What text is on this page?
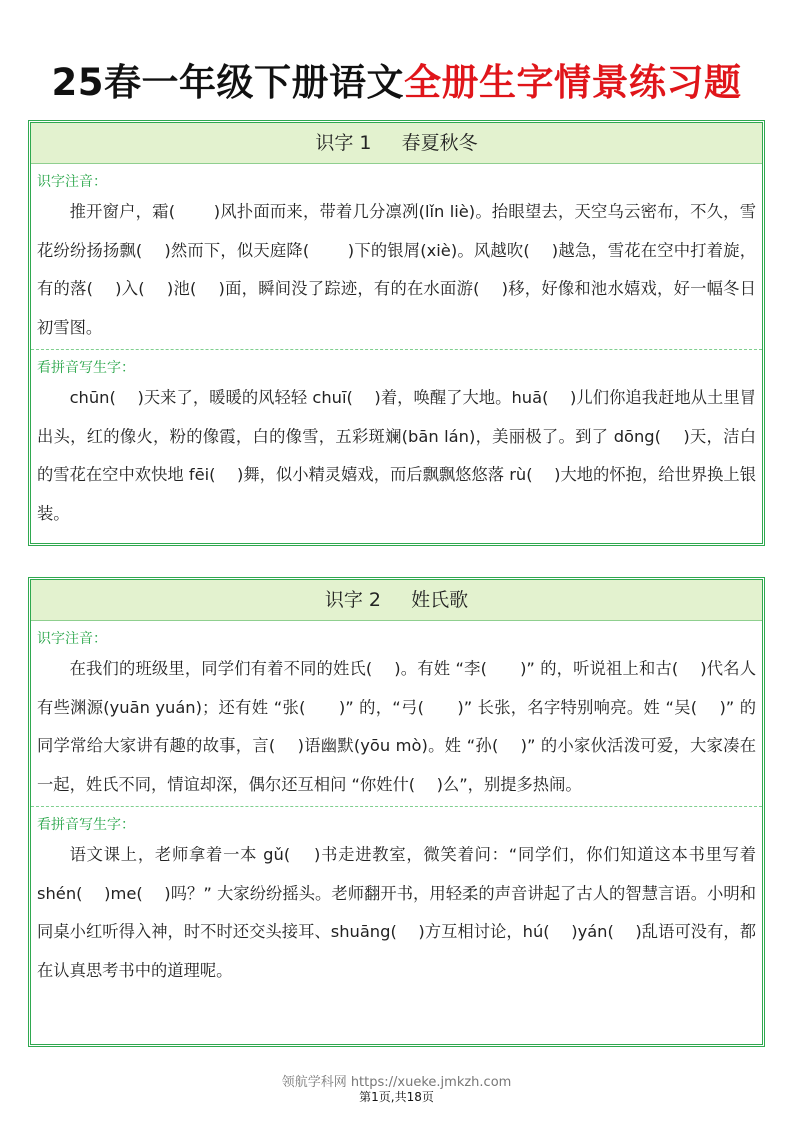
25春一年级下册语文全册生字情景练习题
识字 1     春夏秋冬
识字注音：
推开窗户，霜(　　 )风扑面而来，带着几分凛冽(lǐn liè)。抬眼望去，天空乌云密布，不久，雪花纷纷扬扬飘(　 )然而下，似天庭降(　　 )下的银屑(xiè)。风越吹(　 )越急，雪花在空中打着旋，有的落(　 )入(　 )池(　 )面，瞬间没了踪迹，有的在水面游(　 )移，好像和池水嬉戏，好一幅冬日初雪图。
看拼音写生字：
chūn(　 )天来了，暖暖的风轻轻 chuī(　 )着，唤醒了大地。huā(　 )儿们你追我赶地从土里冒出头，红的像火，粉的像霞，白的像雪，五彩斑斓(bān lán)，美丽极了。到了 dōng(　 )天，洁白的雪花在空中欢快地 fēi(　 )舞，似小精灵嬉戏，而后飘飘悠悠落 rù(　 )大地的怀抱，给世界换上银装。
识字 2     姓氏歌
识字注音：
在我们的班级里，同学们有着不同的姓氏(　 )。有姓 “李(　　)” 的，听说祖上和古(　 )代名人有些渊源(yuān yuán)；还有姓 “张(　　)” 的，“弓(　　)” 长张，名字特别响亮。姓 “吴(　 )” 的同学常给大家讲有趣的故事，言(　 )语幽默(yōu mò)。姓 “孙(　 )” 的小家伙活泼可爱，大家凑在一起，姓氏不同，情谊却深，偶尔还互相问 “你姓什(　 )么”，别提多热闹。
看拼音写生字：
语文课上，老师拿着一本 gǔ(　 )书走进教室，微笑着问：“同学们，你们知道这本书里写着 shén(　 )me(　 )吗？” 大家纷纷摇头。老师翻开书，用轻柔的声音讲起了古人的智慧言语。小明和同桌小红听得入神，时不时还交头接耳、shuāng(　 )方互相讨论，hú(　 )yán(　 )乱语可没有，都在认真思考书中的道理呢。
领航学科网 https://xueke.jmkzh.com
第1页,共18页
